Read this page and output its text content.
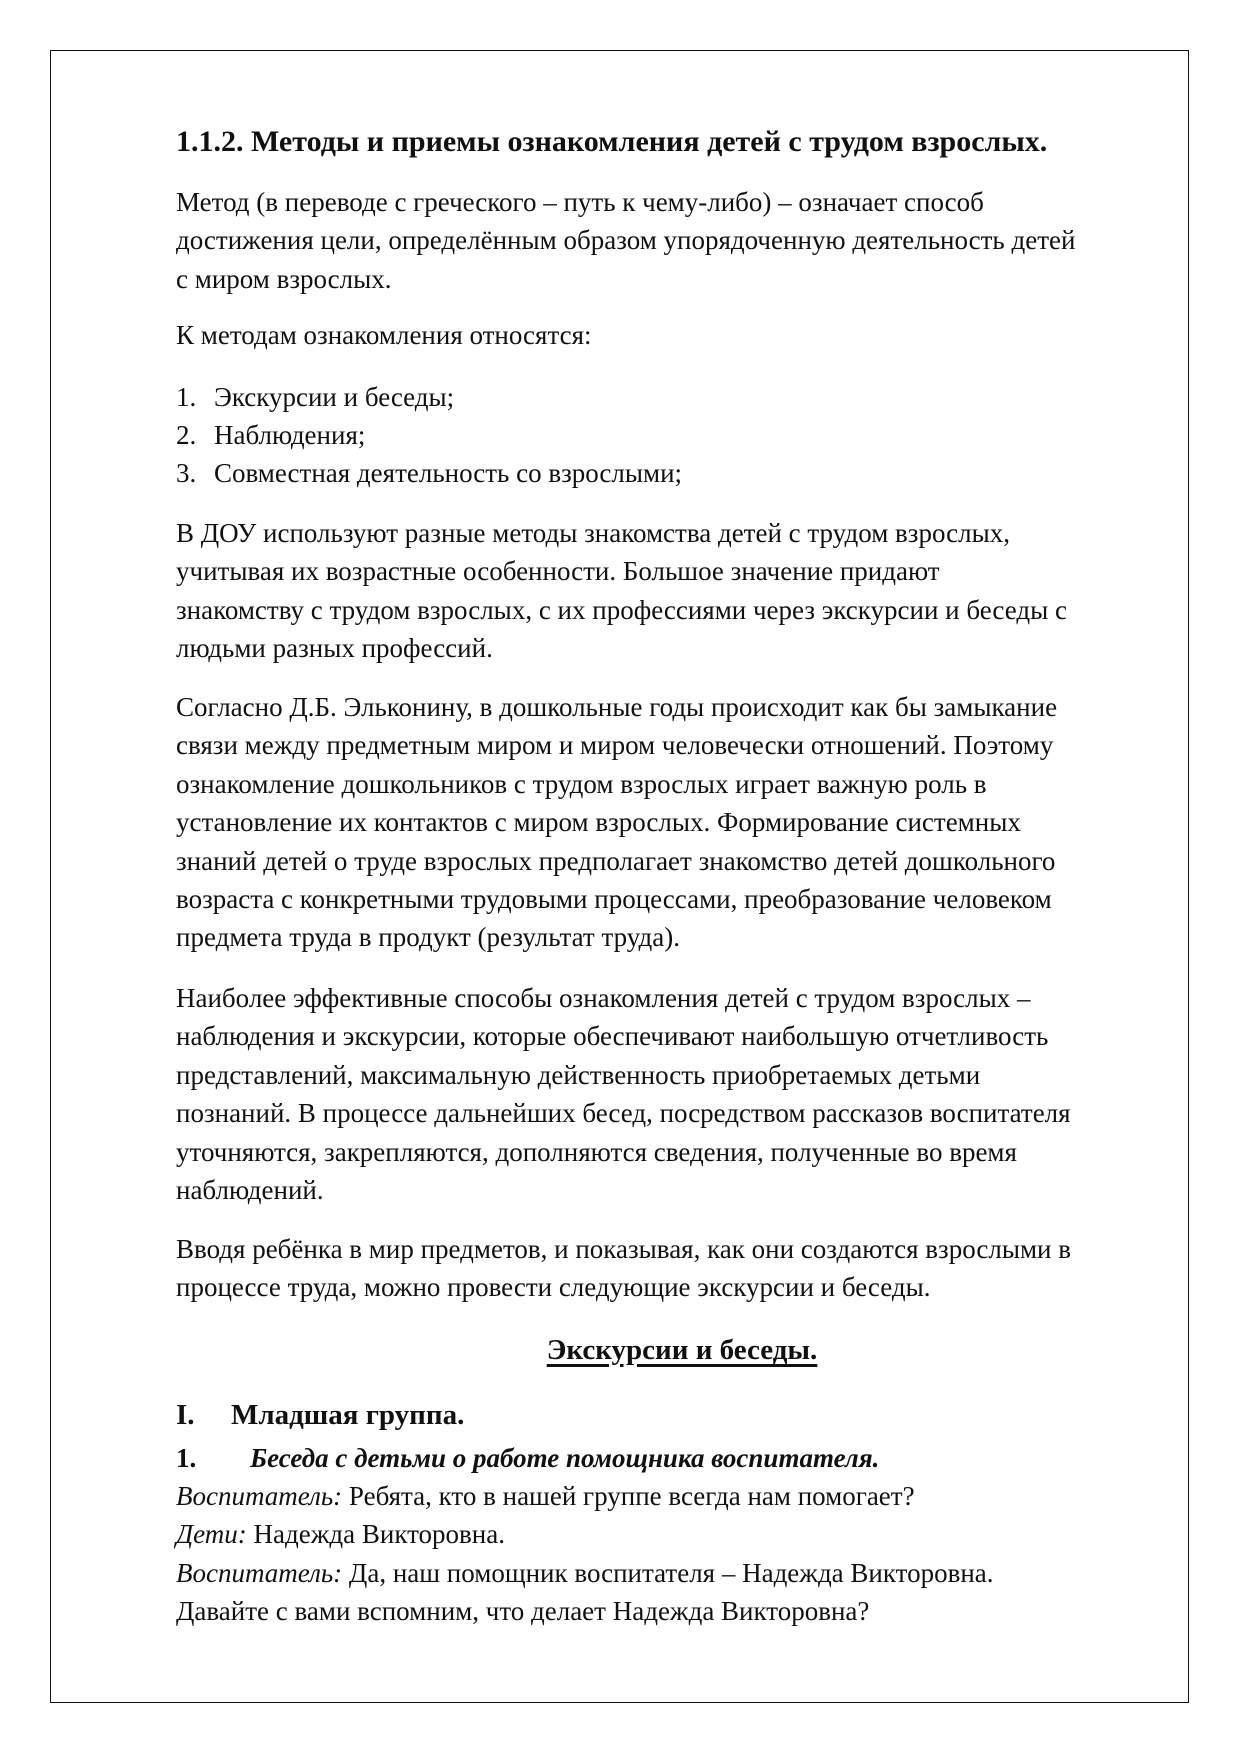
1.1.2. Методы и приемы ознакомления детей с трудом взрослых.
Метод (в переводе с греческого – путь к чему-либо) – означает способ
достижения цели, определённым образом упорядоченную деятельность детей
с миром взрослых.
К методам ознакомления относятся:
1. Экскурсии и беседы;
2. Наблюдения;
3. Совместная деятельность со взрослыми;
В ДОУ используют разные методы знакомства детей с трудом взрослых,
учитывая их возрастные особенности. Большое значение придают
знакомству с трудом взрослых, с их профессиями через экскурсии и беседы с
людьми разных профессий.
Согласно Д.Б. Эльконину, в дошкольные годы происходит как бы замыкание
связи между предметным миром и миром человечески отношений. Поэтому
ознакомление дошкольников с трудом взрослых играет важную роль в
установление их контактов с миром взрослых. Формирование системных
знаний детей о труде взрослых предполагает знакомство детей дошкольного
возраста с конкретными трудовыми процессами, преобразование человеком
предмета труда в продукт (результат труда).
Наиболее эффективные способы ознакомления детей с трудом взрослых –
наблюдения и экскурсии, которые обеспечивают наибольшую отчетливость
представлений, максимальную действенность приобретаемых детьми
познаний. В процессе дальнейших бесед, посредством рассказов воспитателя
уточняются, закрепляются, дополняются сведения, полученные во время
наблюдений.
Вводя ребёнка в мир предметов, и показывая, как они создаются взрослыми в
процессе труда, можно провести следующие экскурсии и беседы.
Экскурсии и беседы.
I. Младшая группа.
1. Беседа с детьми о работе помощника воспитателя.
Воспитатель: Ребята, кто в нашей группе всегда нам помогает?
Дети: Надежда Викторовна.
Воспитатель: Да, наш помощник воспитателя – Надежда Викторовна.
Давайте с вами вспомним, что делает Надежда Викторовна?
